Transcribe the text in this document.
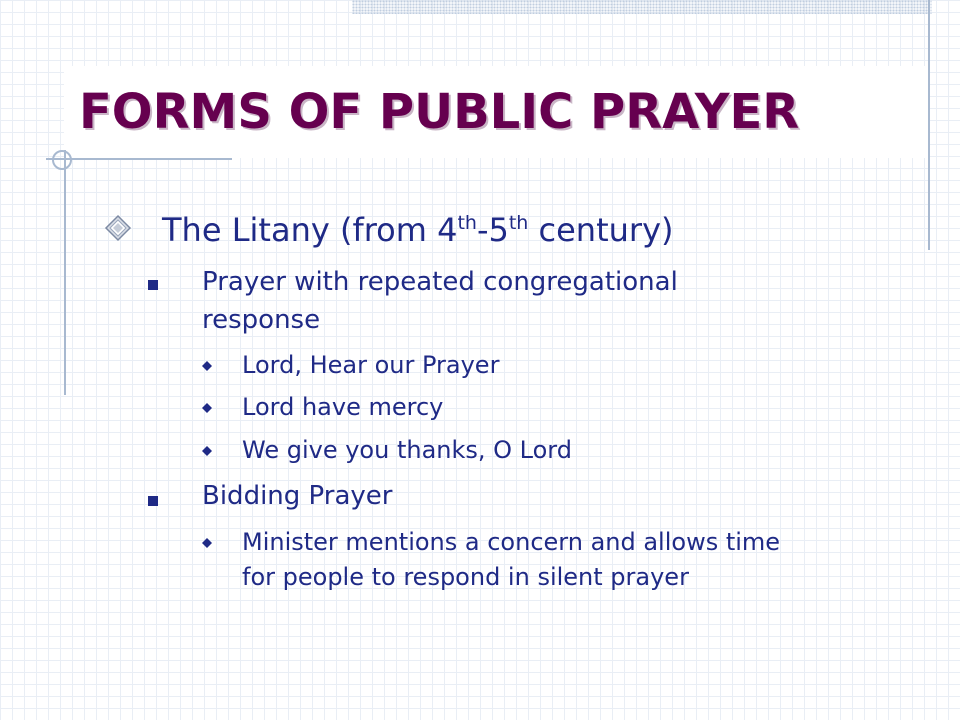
FORMS OF PUBLIC PRAYER
The Litany (from 4th-5th century)
Prayer with repeated congregational
response
Lord, Hear our Prayer
Lord have mercy
We give you thanks, O Lord
Bidding Prayer
Minister mentions a concern and allows time
for people to respond in silent prayer
